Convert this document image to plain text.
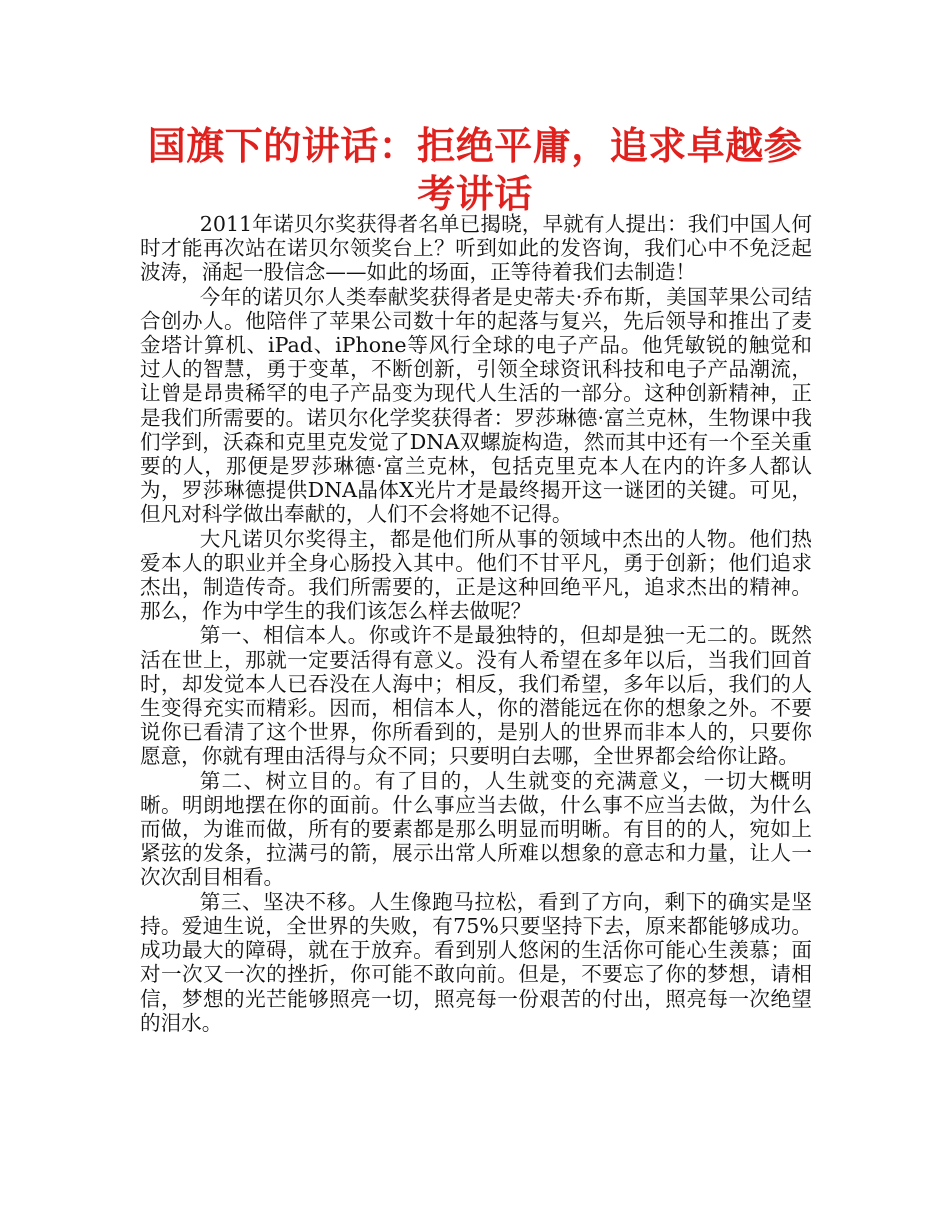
国旗下的讲话：拒绝平庸，追求卓越参考讲话

2011年诺贝尔奖获得者名单已揭晓，早就有人提出：我们中国人何时才能再次站在诺贝尔领奖台上？听到如此的发咨询，我们心中不免泛起波涛，涌起一股信念——如此的场面，正等待着我们去制造！

今年的诺贝尔人类奉献奖获得者是史蒂夫·乔布斯，美国苹果公司结合创办人。他陪伴了苹果公司数十年的起落与复兴，先后领导和推出了麦金塔计算机、iPad、iPhone等风行全球的电子产品。他凭敏锐的触觉和过人的智慧，勇于变革，不断创新，引领全球资讯科技和电子产品潮流，让曾是昂贵稀罕的电子产品变为现代人生活的一部分。这种创新精神，正是我们所需要的。诺贝尔化学奖获得者：罗莎琳德·富兰克林，生物课中我们学到，沃森和克里克发觉了DNA双螺旋构造，然而其中还有一个至关重要的人，那便是罗莎琳德·富兰克林，包括克里克本人在内的许多人都认为，罗莎琳德提供DNA晶体X光片才是最终揭开这一谜团的关键。可见，但凡对科学做出奉献的，人们不会将她不记得。

大凡诺贝尔奖得主，都是他们所从事的领域中杰出的人物。他们热爱本人的职业并全身心肠投入其中。他们不甘平凡，勇于创新；他们追求杰出，制造传奇。我们所需要的，正是这种回绝平凡，追求杰出的精神。那么，作为中学生的我们该怎么样去做呢？

第一、相信本人。你或许不是最独特的，但却是独一无二的。既然活在世上，那就一定要活得有意义。没有人希望在多年以后，当我们回首时，却发觉本人已吞没在人海中；相反，我们希望，多年以后，我们的人生变得充实而精彩。因而，相信本人，你的潜能远在你的想象之外。不要说你已看清了这个世界，你所看到的，是别人的世界而非本人的，只要你愿意，你就有理由活得与众不同；只要明白去哪，全世界都会给你让路。

第二、树立目的。有了目的，人生就变的充满意义，一切大概明晰。明朗地摆在你的面前。什么事应当去做，什么事不应当去做，为什么而做，为谁而做，所有的要素都是那么明显而明晰。有目的的人，宛如上紧弦的发条，拉满弓的箭，展示出常人所难以想象的意志和力量，让人一次次刮目相看。

第三、坚决不移。人生像跑马拉松，看到了方向，剩下的确实是坚持。爱迪生说，全世界的失败，有75%只要坚持下去，原来都能够成功。成功最大的障碍，就在于放弃。看到别人悠闲的生活你可能心生羡慕；面对一次又一次的挫折，你可能不敢向前。但是，不要忘了你的梦想，请相信，梦想的光芒能够照亮一切，照亮每一份艰苦的付出，照亮每一次绝望的泪水。
